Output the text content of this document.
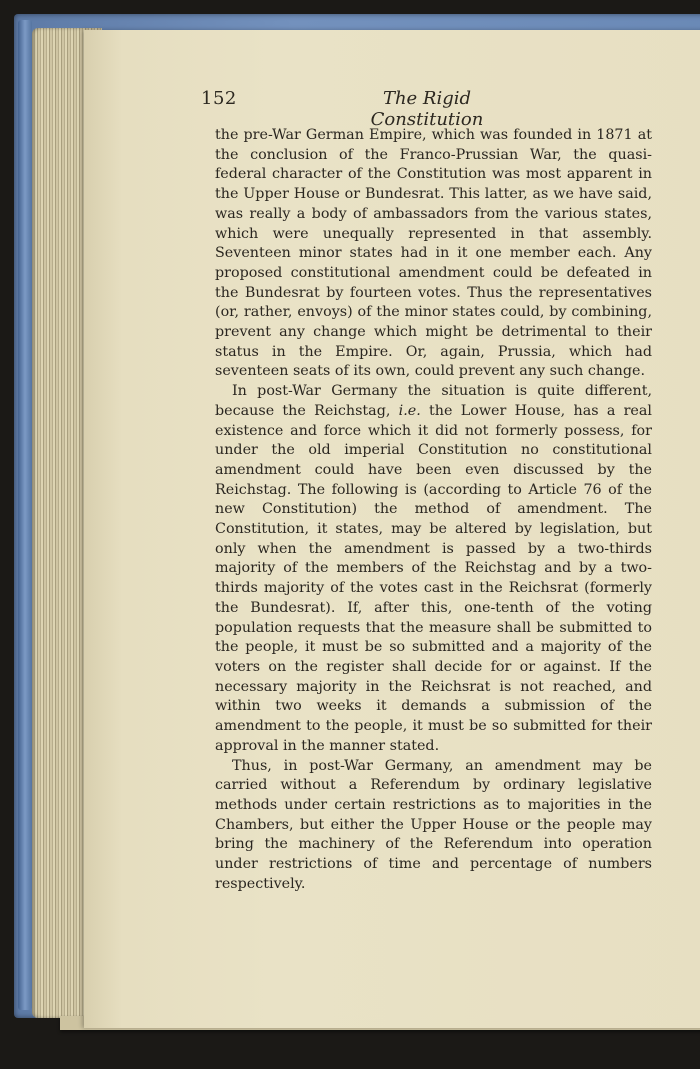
152	The Rigid Constitution

the pre-War German Empire, which was founded in 1871 at the conclusion of the Franco-Prussian War, the quasi-federal character of the Constitution was most apparent in the Upper House or Bundesrat. This latter, as we have said, was really a body of ambassadors from the various states, which were unequally represented in that assembly. Seventeen minor states had in it one member each. Any proposed constitutional amendment could be defeated in the Bundesrat by fourteen votes. Thus the representatives (or, rather, envoys) of the minor states could, by combining, prevent any change which might be detrimental to their status in the Empire. Or, again, Prussia, which had seventeen seats of its own, could prevent any such change.

In post-War Germany the situation is quite different, because the Reichstag, i.e. the Lower House, has a real existence and force which it did not formerly possess, for under the old imperial Constitution no constitutional amendment could have been even discussed by the Reichstag. The following is (according to Article 76 of the new Constitution) the method of amendment. The Constitution, it states, may be altered by legislation, but only when the amendment is passed by a two-thirds majority of the members of the Reichstag and by a two-thirds majority of the votes cast in the Reichsrat (formerly the Bundesrat). If, after this, one-tenth of the voting population requests that the measure shall be submitted to the people, it must be so submitted and a majority of the voters on the register shall decide for or against. If the necessary majority in the Reichsrat is not reached, and within two weeks it demands a submission of the amendment to the people, it must be so submitted for their approval in the manner stated.

Thus, in post-War Germany, an amendment may be carried without a Referendum by ordinary legislative methods under certain restrictions as to majorities in the Chambers, but either the Upper House or the people may bring the machinery of the Referendum into operation under restrictions of time and percentage of numbers respectively.
